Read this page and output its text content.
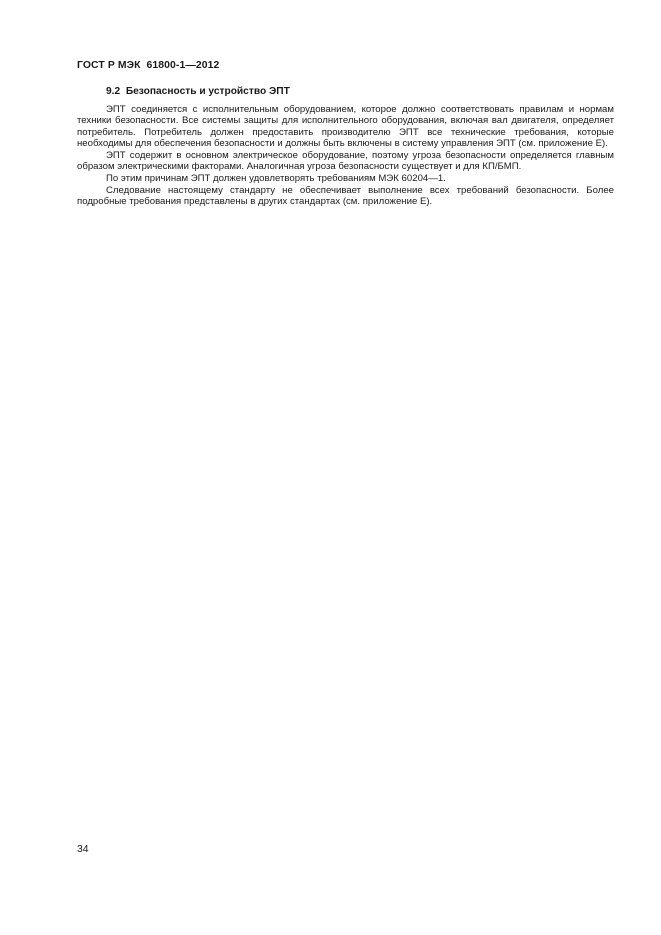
ГОСТ Р МЭК  61800-1—2012
9.2  Безопасность и устройство ЭПТ

ЭПТ соединяется с исполнительным оборудованием, которое должно соответствовать правилам и нормам техники безопасности. Все системы защиты для исполнительного оборудования, включая вал двигателя, определяет потребитель. Потребитель должен предоставить производителю ЭПТ все технические требования, которые необходимы для обеспечения безопасности и должны быть включены в систему управления ЭПТ (см. приложение Е).

ЭПТ содержит в основном электрическое оборудование, поэтому угроза безопасности определяется главным образом электрическими факторами. Аналогичная угроза безопасности существует и для КП/БМП.

По этим причинам ЭПТ должен удовлетворять требованиям МЭК 60204—1.

Следование настоящему стандарту не обеспечивает выполнение всех требований безопасности. Более подробные требования представлены в других стандартах (см. приложение Е).

34
